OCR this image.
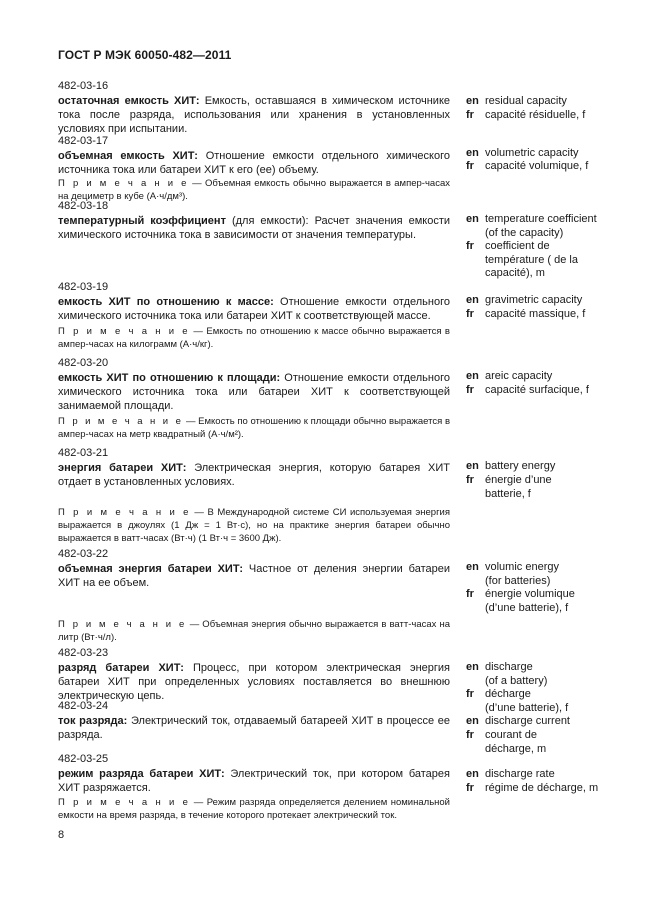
ГОСТ Р МЭК 60050-482—2011
482-03-16
остаточная емкость ХИТ: Емкость, оставшаяся в химическом источнике тока после разряда, использования или хранения в установленных условиях при испытании.
en residual capacity
fr	capacité résiduelle, f
482-03-17
объемная емкость ХИТ: Отношение емкости отдельного химического источника тока или батареи ХИТ к его (ее) объему.
П р и м е ч а н и е — Объемная емкость обычно выражается в ампер-часах на дециметр в кубе (А·ч/дм³).
en volumetric capacity
fr	capacité volumique, f
482-03-18
температурный коэффициент (для емкости): Расчет значения емкости химического источника тока в зависимости от значения температуры.
en temperature coefficient
(of the capacity)
fr	coefficient de
température ( de la
capacité), m
482-03-19
емкость ХИТ по отношению к массе: Отношение емкости отдельного химического источника тока или батареи ХИТ к соответствующей массе.
П р и м е ч а н и е — Емкость по отношению к массе обычно выражается в ампер-часах на килограмм (А·ч/кг).
en gravimetric capacity
fr	capacité massique, f
482-03-20
емкость ХИТ по отношению к площади: Отношение емкости отдельного химического источника тока или батареи ХИТ к соответствующей занимаемой площади.
П р и м е ч а н и е — Емкость по отношению к площади обычно выражается в ампер-часах на метр квадратный (А·ч/м²).
en areic capacity
fr	capacité surfacique, f
482-03-21
энергия батареи ХИТ: Электрическая энергия, которую батарея ХИТ отдает в установленных условиях.
П р и м е ч а н и е — В Международной системе СИ используемая энергия выражается в джоулях (1 Дж = 1 Вт·с), но на практике энергия батареи обычно выражается в ватт-часах (Вт·ч) (1 Вт·ч = 3600 Дж).
en battery energy
fr	énergie d’une
batterie, f
482-03-22
объемная энергия батареи ХИТ: Частное от деления энергии батареи ХИТ на ее объем.
П р и м е ч а н и е — Объемная энергия обычно выражается в ватт-часах на литр (Вт·ч/л).
en volumic energy
(for batteries)
fr	énergie volumique
(d’une batterie), f
482-03-23
разряд батареи ХИТ: Процесс, при котором электрическая энергия батареи ХИТ при определенных условиях поставляется во внешнюю электрическую цепь.
en discharge
(of a battery)
fr	décharge
(d’une batterie), f
482-03-24
ток разряда: Электрический ток, отдаваемый батареей ХИТ в процессе ее разряда.
en discharge current
fr	courant de
décharge, m
482-03-25
режим разряда батареи ХИТ: Электрический ток, при котором батарея ХИТ разряжается.
П р и м е ч а н и е — Режим разряда определяется делением номинальной емкости на время разряда, в течение которого протекает электрический ток.
en discharge rate
fr	régime de décharge, m
8
